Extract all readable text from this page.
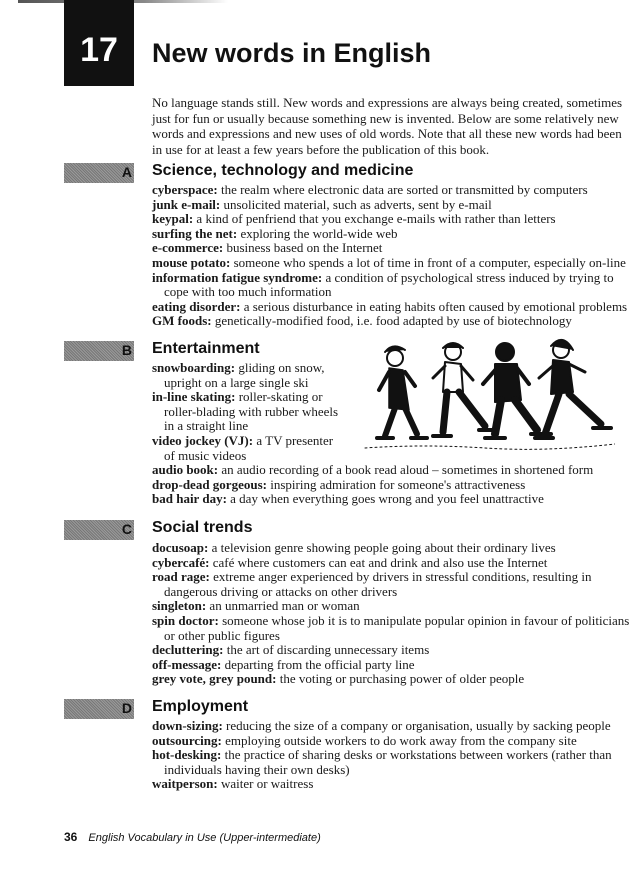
17 New words in English

No language stands still. New words and expressions are always being created, sometimes just for fun or usually because something new is invented. Below are some relatively new words and expressions and new uses of old words. Note that all these new words had been in use for at least a few years before the publication of this book.

A Science, technology and medicine
cyberspace: the realm where electronic data are sorted or transmitted by computers
junk e-mail: unsolicited material, such as adverts, sent by e-mail
keypal: a kind of penfriend that you exchange e-mails with rather than letters
surfing the net: exploring the world-wide web
e-commerce: business based on the Internet
mouse potato: someone who spends a lot of time in front of a computer, especially on-line
information fatigue syndrome: a condition of psychological stress induced by trying to cope with too much information
eating disorder: a serious disturbance in eating habits often caused by emotional problems
GM foods: genetically-modified food, i.e. food adapted by use of biotechnology
B Entertainment
snowboarding: gliding on snow, upright on a large single ski
in-line skating: roller-skating or roller-blading with rubber wheels in a straight line
video jockey (VJ): a TV presenter of music videos
audio book: an audio recording of a book read aloud – sometimes in shortened form
drop-dead gorgeous: inspiring admiration for someone's attractiveness
bad hair day: a day when everything goes wrong and you feel unattractive
C Social trends
docusoap: a television genre showing people going about their ordinary lives
cybercafé: café where customers can eat and drink and also use the Internet
road rage: extreme anger experienced by drivers in stressful conditions, resulting in dangerous driving or attacks on other drivers
singleton: an unmarried man or woman
spin doctor: someone whose job it is to manipulate popular opinion in favour of politicians or other public figures
decluttering: the art of discarding unnecessary items
off-message: departing from the official party line
grey vote, grey pound: the voting or purchasing power of older people
D Employment
down-sizing: reducing the size of a company or organisation, usually by sacking people
outsourcing: employing outside workers to do work away from the company site
hot-desking: the practice of sharing desks or workstations between workers (rather than individuals having their own desks)
waitperson: waiter or waitress
36 English Vocabulary in Use (Upper-intermediate)
